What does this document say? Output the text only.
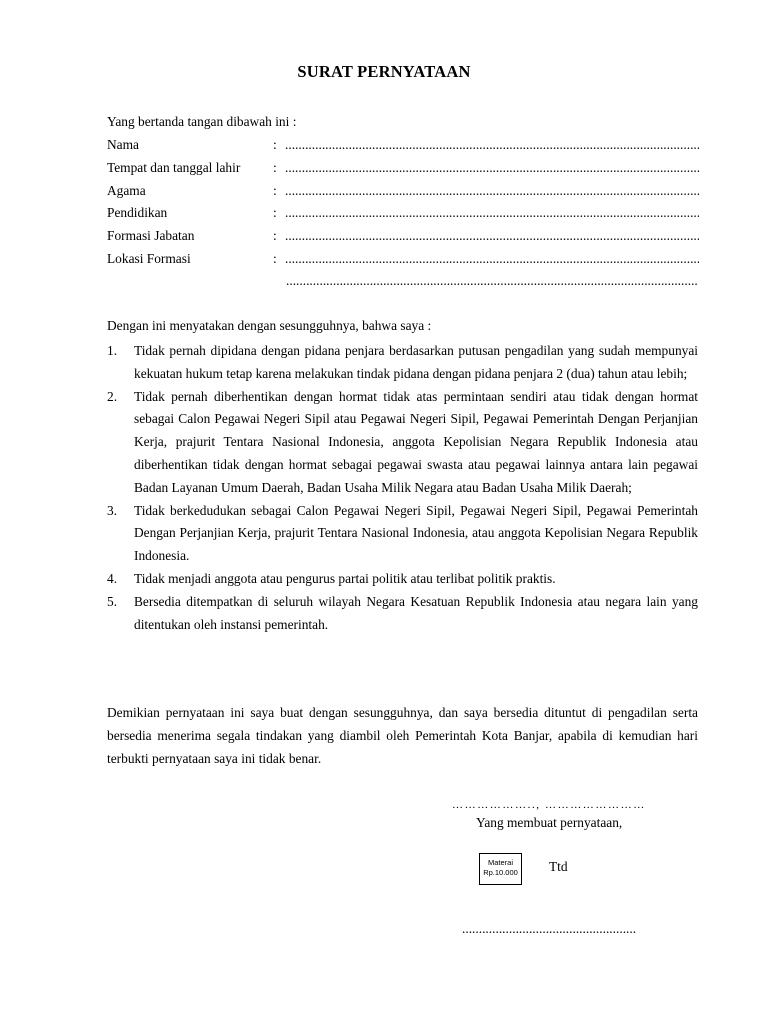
SURAT PERNYATAAN
Yang bertanda tangan dibawah ini :
Nama	:
.....
Tempat dan tanggal lahir	:
.....
Agama	:
.....
Pendidikan	:
.....
Formasi Jabatan	:
.....
Lokasi Formasi	:
.....
.....
Dengan ini menyatakan dengan sesungguhnya, bahwa saya :
1.	Tidak pernah dipidana dengan pidana penjara berdasarkan putusan pengadilan yang sudah mempunyai kekuatan hukum tetap karena melakukan tindak pidana dengan pidana penjara 2 (dua) tahun atau lebih;
2.	Tidak pernah diberhentikan dengan hormat tidak atas permintaan sendiri atau tidak dengan hormat sebagai Calon Pegawai Negeri Sipil atau Pegawai Negeri Sipil, Pegawai Pemerintah Dengan Perjanjian Kerja, prajurit Tentara Nasional Indonesia, anggota Kepolisian Negara Republik Indonesia atau diberhentikan tidak dengan hormat sebagai pegawai swasta atau pegawai lainnya antara lain pegawai Badan Layanan Umum Daerah, Badan Usaha Milik Negara atau Badan Usaha Milik Daerah;
3.	Tidak berkedudukan sebagai Calon Pegawai Negeri Sipil, Pegawai Negeri Sipil, Pegawai Pemerintah Dengan Perjanjian Kerja, prajurit Tentara Nasional Indonesia, atau anggota Kepolisian Negara Republik Indonesia.
4.	Tidak menjadi anggota atau pengurus partai politik atau terlibat politik praktis.
5.	Bersedia ditempatkan di seluruh wilayah Negara Kesatuan Republik Indonesia atau negara lain yang ditentukan oleh instansi pemerintah.
Demikian pernyataan ini saya buat dengan sesungguhnya, dan saya bersedia dituntut di pengadilan serta bersedia menerima segala tindakan yang diambil oleh Pemerintah Kota Banjar, apabila di kemudian hari terbukti pernyataan saya ini tidak benar.
……………….., ……………………
Yang membuat pernyataan,
Materai
Rp.10.000 Ttd
....................................................
